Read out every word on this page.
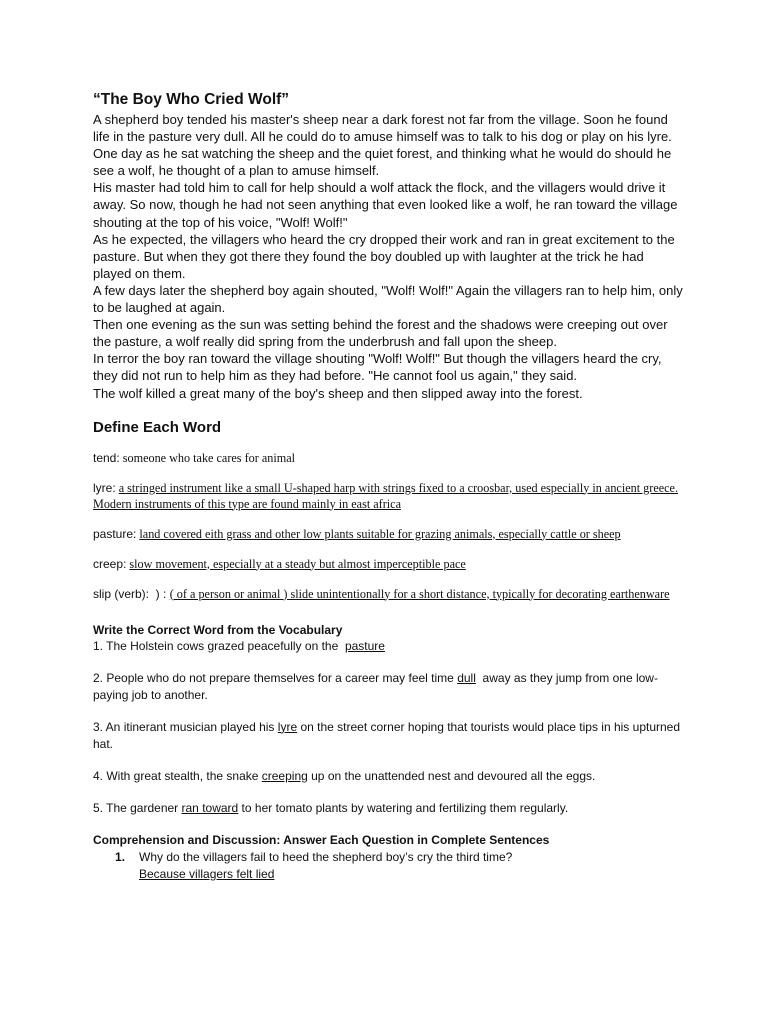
“The Boy Who Cried Wolf”

A shepherd boy tended his master's sheep near a dark forest not far from the village. Soon he found life in the pasture very dull. All he could do to amuse himself was to talk to his dog or play on his lyre.

One day as he sat watching the sheep and the quiet forest, and thinking what he would do should he see a wolf, he thought of a plan to amuse himself.

His master had told him to call for help should a wolf attack the flock, and the villagers would drive it away. So now, though he had not seen anything that even looked like a wolf, he ran toward the village shouting at the top of his voice, "Wolf! Wolf!"

As he expected, the villagers who heard the cry dropped their work and ran in great excitement to the pasture. But when they got there they found the boy doubled up with laughter at the trick he had played on them.

A few days later the shepherd boy again shouted, "Wolf! Wolf!" Again the villagers ran to help him, only to be laughed at again.

Then one evening as the sun was setting behind the forest and the shadows were creeping out over the pasture, a wolf really did spring from the underbrush and fall upon the sheep.

In terror the boy ran toward the village shouting "Wolf! Wolf!" But though the villagers heard the cry, they did not run to help him as they had before. "He cannot fool us again," they said.

The wolf killed a great many of the boy's sheep and then slipped away into the forest.

Define Each Word
tend: someone who take cares for animal
lyre: a stringed instrument like a small U-shaped harp with strings fixed to a croosbar, used especially in ancient greece. Modern instruments of this type are found mainly in east africa
pasture: land covered eith grass and other low plants suitable for grazing animals, especially cattle or sheep
creep: slow movement, especially at a steady but almost imperceptible pace
slip (verb):  ) : ( of a person or animal ) slide unintentionally for a short distance, typically for decorating earthenware
Write the Correct Word from the Vocabulary
1. The Holstein cows grazed peacefully on the  pasture
2. People who do not prepare themselves for a career may feel time dull  away as they jump from one low-paying job to another.
3. An itinerant musician played his lyre on the street corner hoping that tourists would place tips in his upturned hat.
4. With great stealth, the snake creeping up on the unattended nest and devoured all the eggs.
5. The gardener ran toward to her tomato plants by watering and fertilizing them regularly.
Comprehension and Discussion: Answer Each Question in Complete Sentences
1. Why do the villagers fail to heed the shepherd boy’s cry the third time?
Because villagers felt lied
